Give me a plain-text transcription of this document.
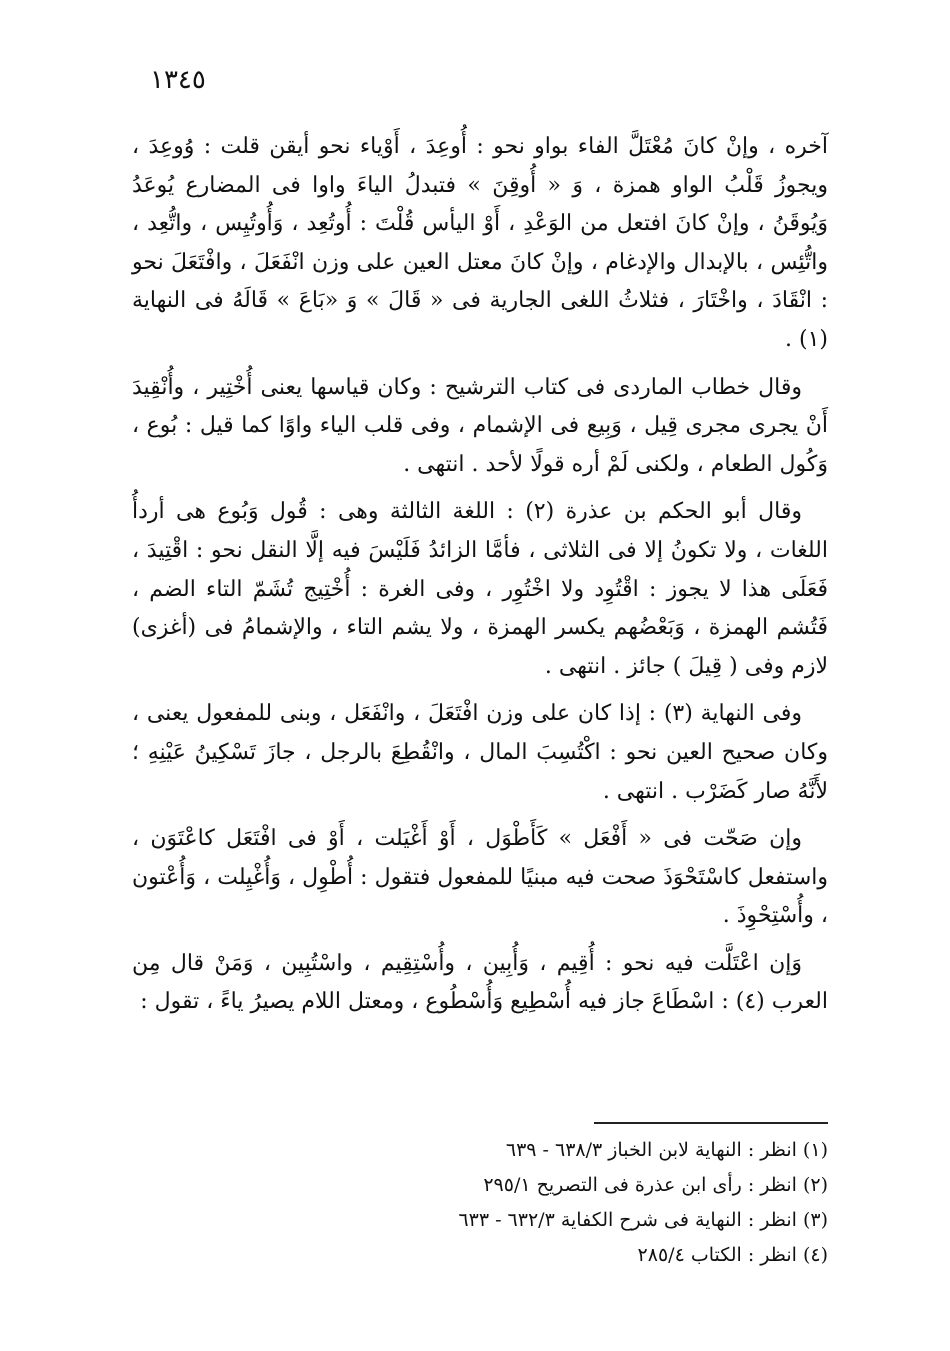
١٣٤٥

آخره ، وإنْ كانَ مُعْتَلَّ الفاء بواو نحو : أُوعِدَ ، أَوْياء نحو أيقن قلت : وُوعِدَ ، ويجوزُ قَلْبُ الواو همزة ، وَ « أُوقِنَ » فتبدلُ الياءَ واوا فى المضارع يُوعَدُ وَيُوقَنُ ، وإنْ كانَ افتعل من الوَعْدِ ، أَوْ اليأس قُلْتَ : أُوتُعِد ، وَأُوتُيِس ، واتُّعِد ، واتُّئِس ، بالإبدال والإدغام ، وإنْ كانَ معتل العين على وزن انْفَعَلَ ، وافْتَعَلَ نحو : انْقَادَ ، واخْتَارَ ، فثلاثُ اللغى الجارية فى « قَالَ » وَ «بَاعَ » قَالَهُ فى النهاية (١) .

وقال خطاب الماردى فى كتاب الترشيح : وكان قياسها يعنى أُخْتِير ، وأُنْقِيدَ أَنْ يجرى مجرى قِيل ، وَبِيع فى الإشمام ، وفى قلب الياء واوًا كما قيل : بُوع ، وَكُول الطعام ، ولكنى لَمْ أره قولًا لأحد . انتهى .

وقال أبو الحكم بن عذرة (٢) : اللغة الثالثة وهى : قُول وَبُوع هى أردأُ اللغات ، ولا تكونُ إلا فى الثلاثى ، فأمَّا الزائدُ فَلَيْسَ فيه إلَّا النقل نحو : اقْتِيدَ ، فَعَلَى هذا لا يجوز : اقْتُوِد ولا اخْتُوِر ، وفى الغرة : أُخْتِيج تُشَمّ التاء الضم ، فَتُشم الهمزة ، وَبَعْضُهم يكسر الهمزة ، ولا يشم التاء ، والإشمامُ فى (أغزى) لازم وفى ( قِيلَ ) جائز . انتهى .

وفى النهاية (٣) : إذا كان على وزن افْتَعَلَ ، وانْفَعَل ، وبنى للمفعول يعنى ، وكان صحيح العين نحو : اكْتُسِبَ المال ، وانْقُطِعَ بالرجل ، جازَ تَسْكِينُ عَيْنِهِ ؛ لأَنَّهُ صار كَضَرْب . انتهى .

وإن صَحّت فى « أَفْعَل » كَأَطْوَل ، أَوْ أَغْيَلت ، أَوْ فى افْتَعَل كاعْتَوَن ، واستفعل كاسْتَحْوَذَ صحت فيه مبنيًا للمفعول فتقول : أُطْوِل ، وَأُغْيِلت ، وَأُعْتون ، وأُسْتِحْوِذَ .

وَإن اعْتَلَّت فيه نحو : أُقِيم ، وَأُبِين ، وأُسْتِقِيم ، واسْتُبِين ، وَمَنْ قال مِن العرب (٤) : اسْطَاعَ جاز فيه أُسْطِيع وَأُسْطُوع ، ومعتل اللام يصيرُ ياءً ، تقول :

(١) انظر : النهاية لابن الخباز ٦٣٨/٣ - ٦٣٩
(٢) انظر : رأى ابن عذرة فى التصريح ٢٩٥/١
(٣) انظر : النهاية فى شرح الكفاية ٦٣٢/٣ - ٦٣٣
(٤) انظر : الكتاب ٢٨٥/٤
